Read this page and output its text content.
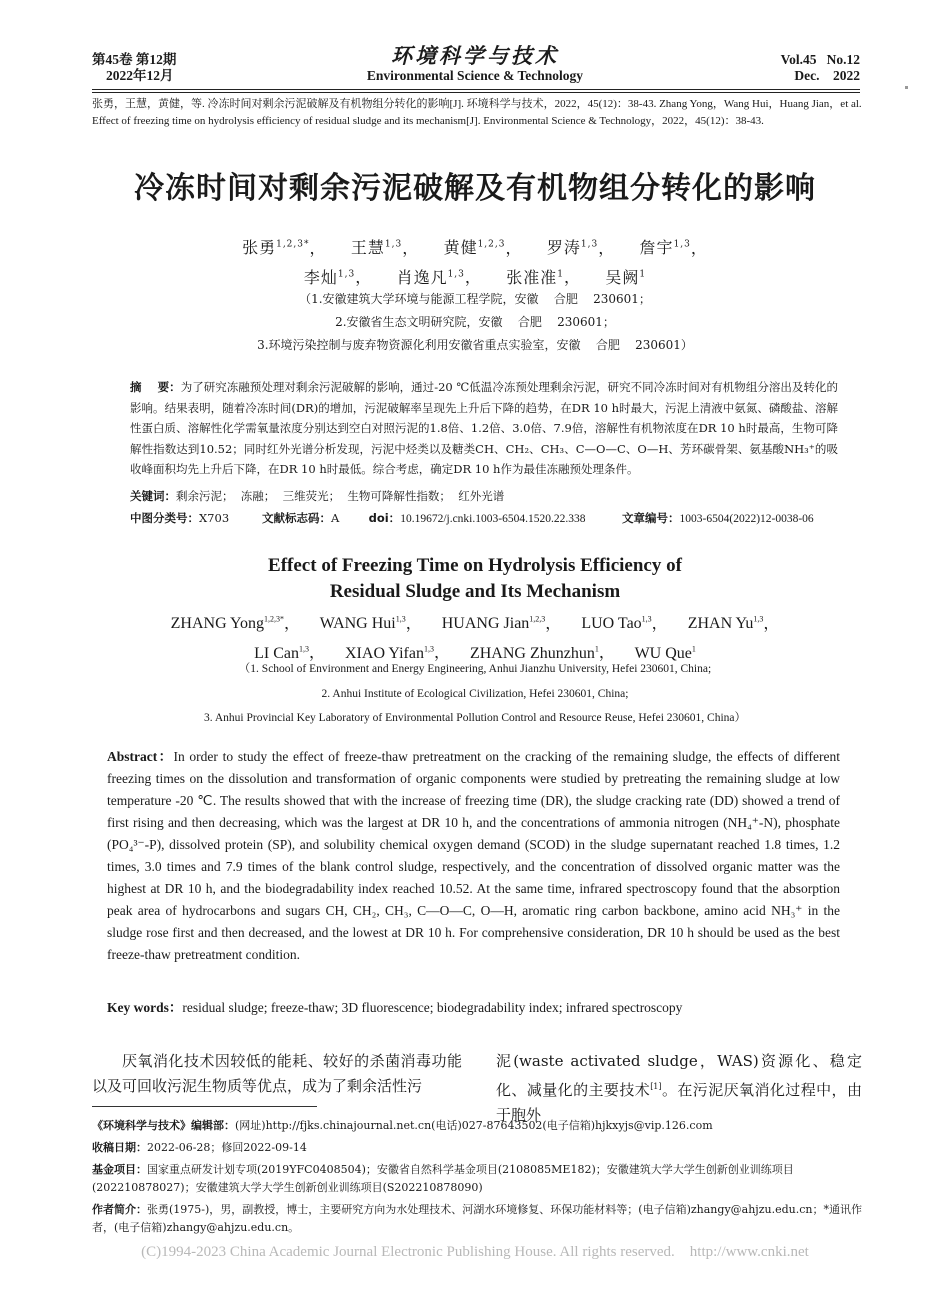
第45卷 第12期
2022年12月
环境科学与技术
Environmental Science & Technology
Vol.45   No.12
Dec.    2022
张勇，王慧，黄健，等. 冷冻时间对剩余污泥破解及有机物组分转化的影响[J]. 环境科学与技术，2022，45(12)：38-43. Zhang Yong，Wang Hui，Huang Jian，et al. Effect of freezing time on hydrolysis efficiency of residual sludge and its mechanism[J]. Environmental Science & Technology，2022，45(12)：38-43.
冷冻时间对剩余污泥破解及有机物组分转化的影响
张勇$^{1,2,3*}$，    王慧$^{1,3}$，    黄健$^{1,2,3}$，    罗涛$^{1,3}$，    詹宇$^{1,3}$，
李灿$^{1,3}$，    肖逸凡$^{1,3}$，    张准准$^1$，    吴阙$^1$
（1.安徽建筑大学环境与能源工程学院，安徽    合肥    230601；
2.安徽省生态文明研究院，安徽    合肥    230601；
3.环境污染控制与废弃物资源化利用安徽省重点实验室，安徽    合肥    230601）
摘    要：为了研究冻融预处理对剩余污泥破解的影响，通过-20 ℃低温冷冻预处理剩余污泥，研究不同冷冻时间对有机物组分溶出及转化的影响。结果表明，随着冷冻时间(DR)的增加，污泥破解率呈现先上升后下降的趋势，在DR 10 h时最大，污泥上清液中氨氮、磷酸盐、溶解性蛋白质、溶解性化学需氧量浓度分别达到空白对照污泥的1.8倍、1.2倍、3.0倍、7.9倍，溶解性有机物浓度在DR 10 h时最高，生物可降解性指数达到10.52；同时红外光谱分析发现，污泥中烃类以及糖类CH、CH₂、CH₃、C—O—C、O—H、芳环碳骨架、氨基酸NH₃⁺的吸收峰面积均先上升后下降，在DR 10 h时最低。综合考虑，确定DR 10 h作为最佳冻融预处理条件。
关键词：剩余污泥；  冻融；  三维荧光；  生物可降解性指数；  红外光谱
中图分类号：X703	文献标志码：A	doi：10.19672/j.cnki.1003-6504.1520.22.338	文章编号：1003-6504(2022)12-0038-06
Effect of Freezing Time on Hydrolysis Efficiency of
Residual Sludge and Its Mechanism
ZHANG Yong$^{1,2,3*}$，     WANG Hui$^{1,3}$，     HUANG Jian$^{1,2,3}$，     LUO Tao$^{1,3}$，     ZHAN Yu$^{1,3}$，
LI Can$^{1,3}$，     XIAO Yifan$^{1,3}$，     ZHANG Zhunzhun$^1$，     WU Que$^1$
（1. School of Environment and Energy Engineering, Anhui Jianzhu University, Hefei 230601, China;
2. Anhui Institute of Ecological Civilization, Hefei 230601, China;
3. Anhui Provincial Key Laboratory of Environmental Pollution Control and Resource Reuse, Hefei 230601, China）
Abstract：In order to study the effect of freeze-thaw pretreatment on the cracking of the remaining sludge, the effects of different freezing times on the dissolution and transformation of organic components were studied by pretreating the remaining sludge at low temperature -20 ℃. The results showed that with the increase of freezing time (DR), the sludge cracking rate (DD) showed a trend of first rising and then decreasing, which was the largest at DR 10 h, and the concentrations of ammonia nitrogen (NH₄⁺-N), phosphate (PO₄³⁻-P), dissolved protein (SP), and solubility chemical oxygen demand (SCOD) in the sludge supernatant reached 1.8 times, 1.2 times, 3.0 times and 7.9 times of the blank control sludge, respectively, and the concentration of dissolved organic matter was the highest at DR 10 h, and the biodegradability index reached 10.52. At the same time, infrared spectroscopy found that the absorption peak area of hydrocarbons and sugars CH, CH₂, CH₃, C—O—C, O—H, aromatic ring carbon backbone, amino acid NH₃⁺ in the sludge rose first and then decreased, and the lowest at DR 10 h. For comprehensive consideration, DR 10 h should be used as the best freeze-thaw pretreatment condition.
Key words：residual sludge; freeze-thaw; 3D fluorescence; biodegradability index; infrared spectroscopy
厌氧消化技术因较低的能耗、较好的杀菌消毒功能以及可回收污泥生物质等优点，成为了剩余活性污
泥(waste activated sludge，WAS)资源化、稳定化、减量化的主要技术[1]。在污泥厌氧消化过程中，由于胞外
《环境科学与技术》编辑部：(网址)http://fjks.chinajournal.net.cn(电话)027-87643502(电子信箱)hjkxyjs@vip.126.com
收稿日期：2022-06-28；修回2022-09-14
基金项目：国家重点研发计划专项(2019YFC0408504)；安徽省自然科学基金项目(2108085ME182)；安徽建筑大学大学生创新创业训练项目(202210878027)；安徽建筑大学大学生创新创业训练项目(S202210878090)
作者简介：张勇(1975-)，男，副教授，博士，主要研究方向为水处理技术、河湖水环境修复、环保功能材料等；(电子信箱)zhangy@ahjzu.edu.cn；*通讯作者，(电子信箱)zhangy@ahjzu.edu.cn。
(C)1994-2023 China Academic Journal Electronic Publishing House. All rights reserved.    http://www.cnki.net
